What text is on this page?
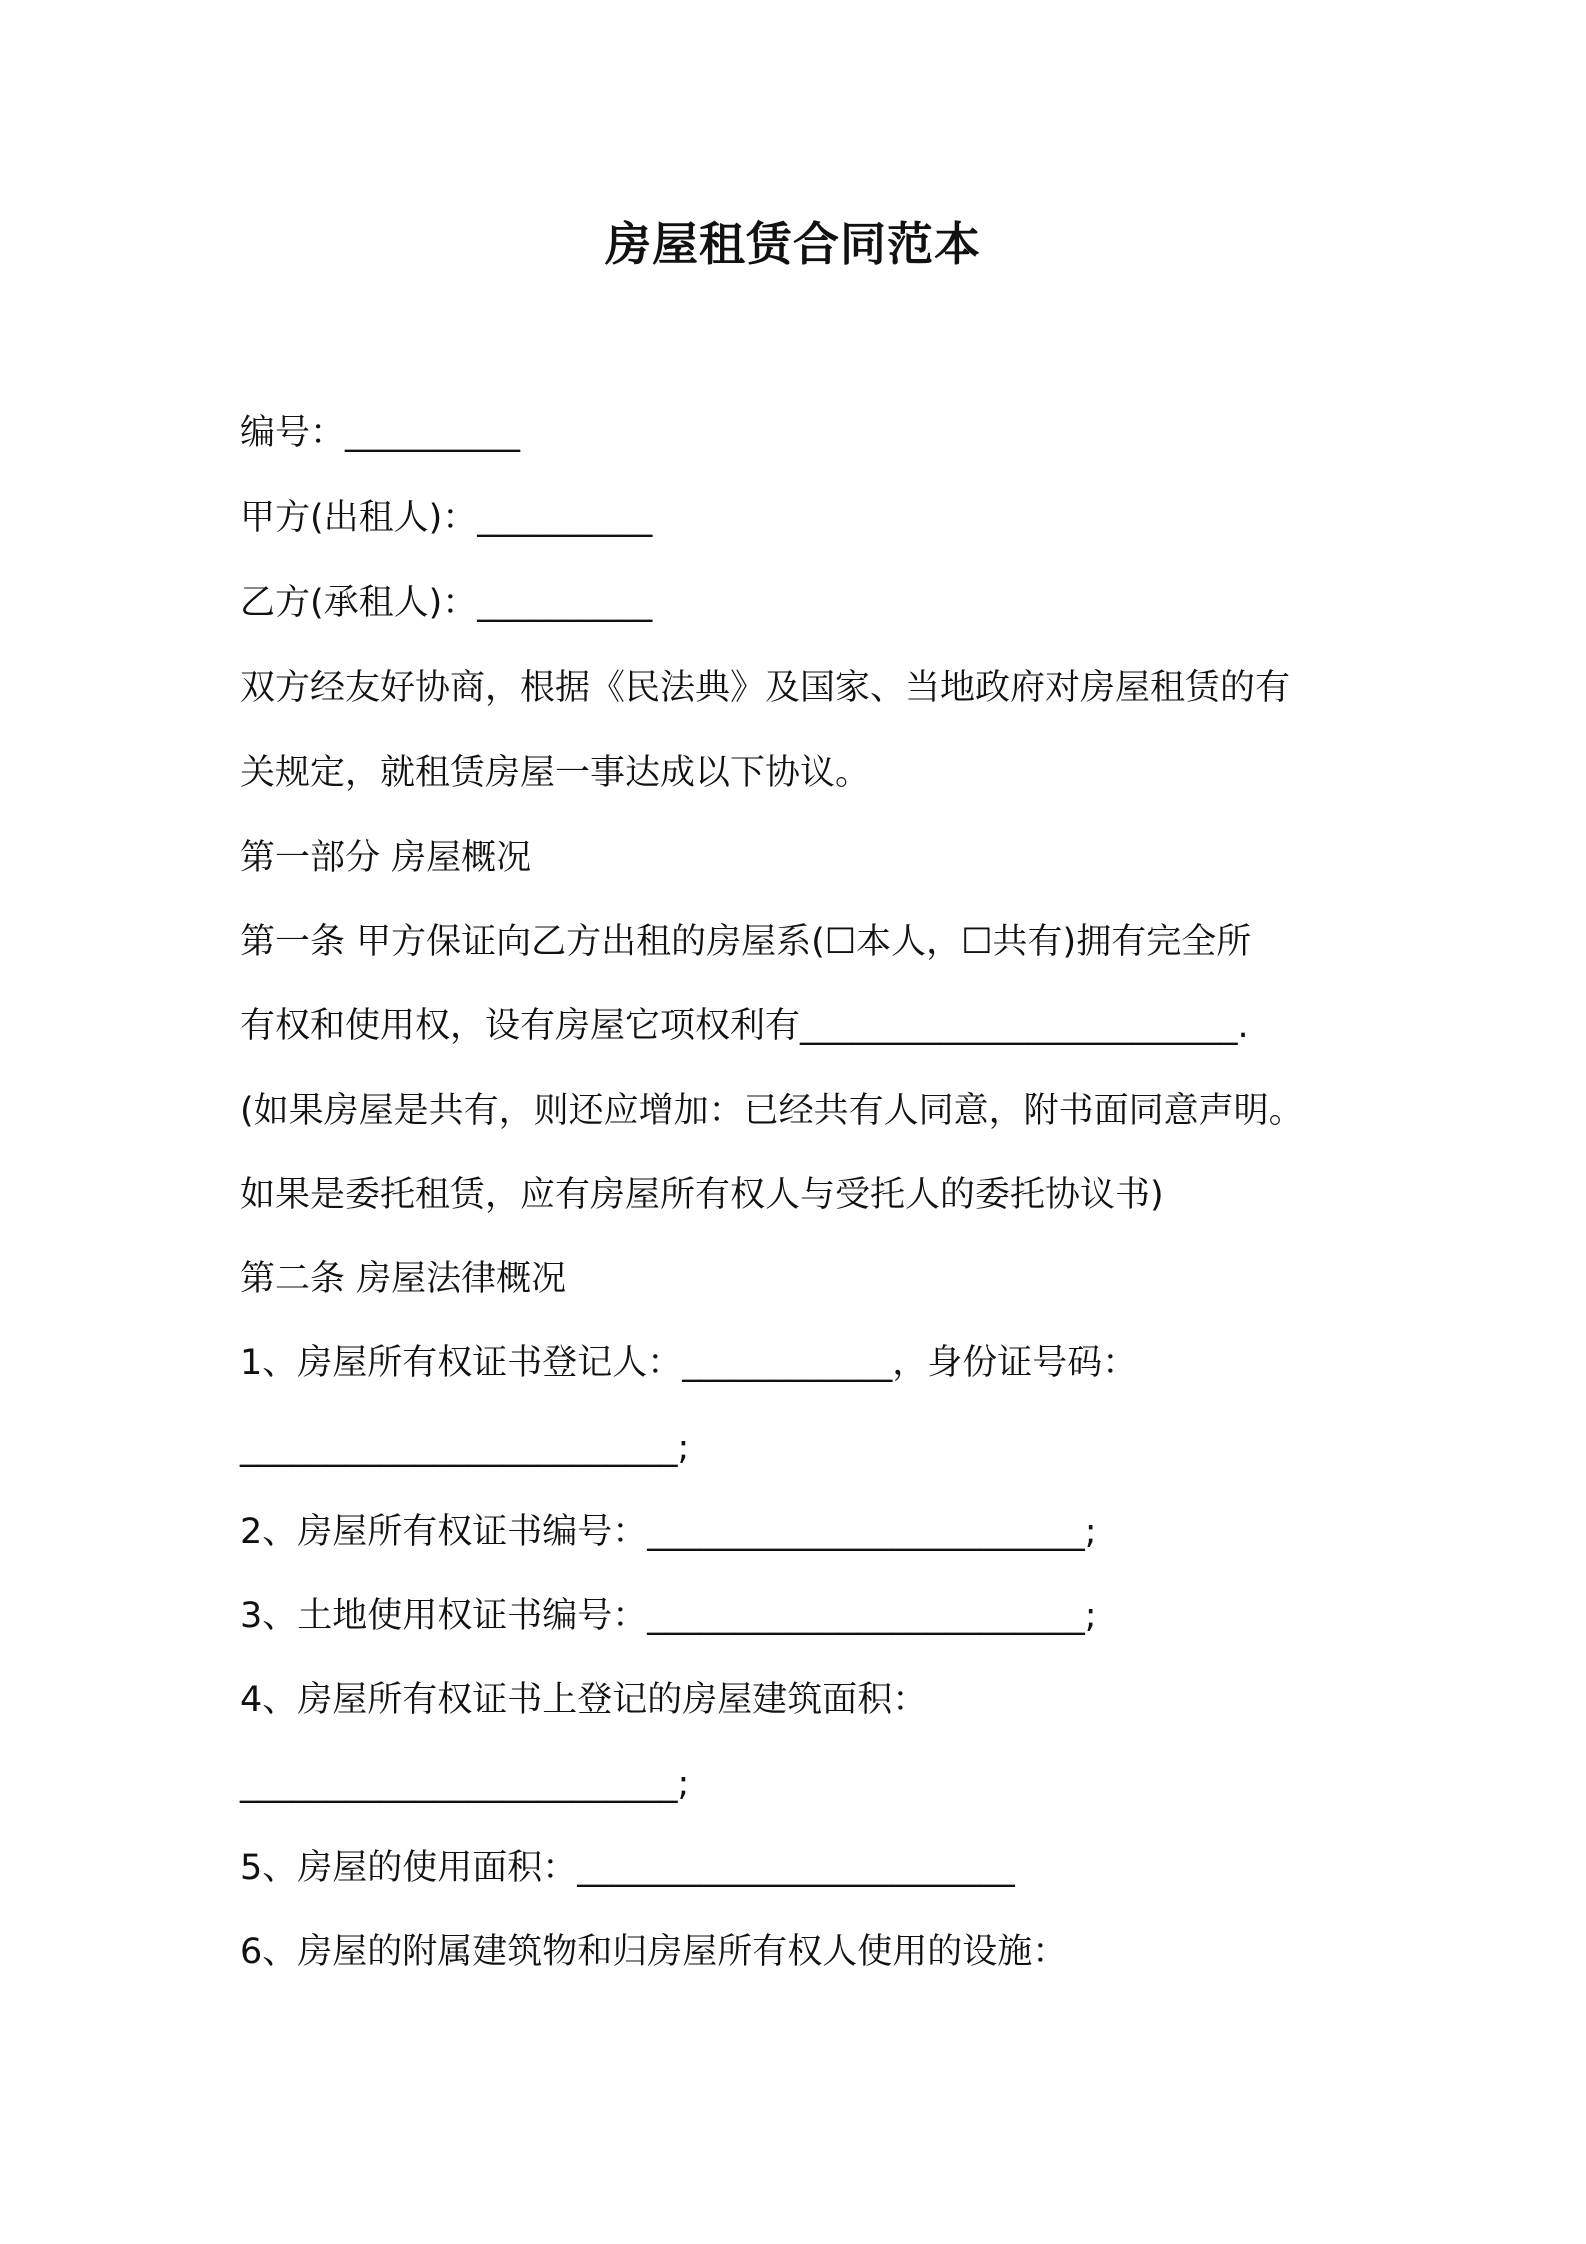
房屋租赁合同范本
编号：__________
甲方(出租人)：__________
乙方(承租人)：__________
双方经友好协商，根据《民法典》及国家、当地政府对房屋租赁的有
关规定，就租赁房屋一事达成以下协议。
第一部分 房屋概况
第一条 甲方保证向乙方出租的房屋系(☐本人，☐共有)拥有完全所
有权和使用权，设有房屋它项权利有_________________________.
(如果房屋是共有，则还应增加：已经共有人同意，附书面同意声明。
如果是委托租赁，应有房屋所有权人与受托人的委托协议书)
第二条 房屋法律概况
1、房屋所有权证书登记人：____________，身份证号码：
_________________________;
2、房屋所有权证书编号：_________________________;
3、土地使用权证书编号：_________________________;
4、房屋所有权证书上登记的房屋建筑面积：
_________________________;
5、房屋的使用面积：_________________________
6、房屋的附属建筑物和归房屋所有权人使用的设施：
